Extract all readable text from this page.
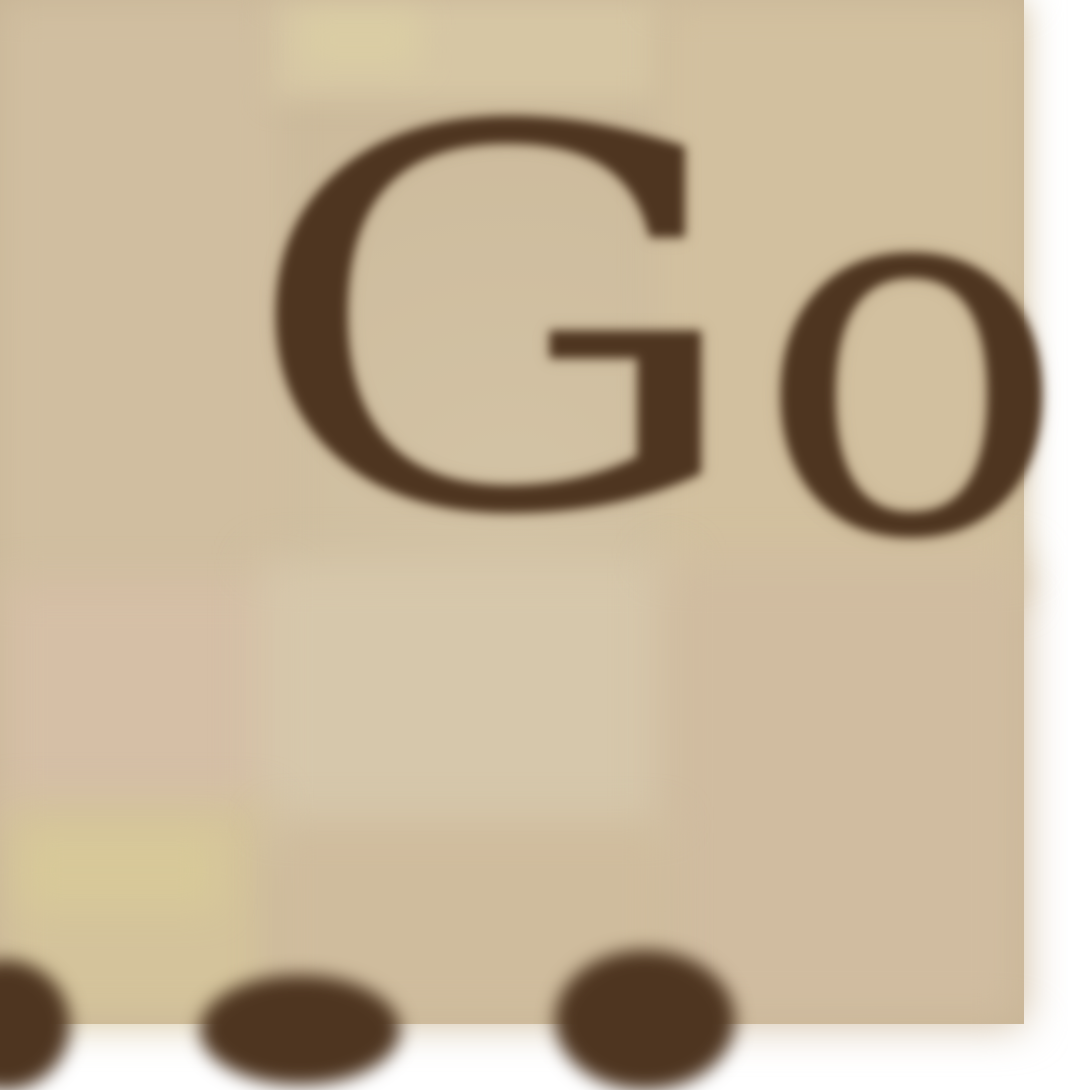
G o
